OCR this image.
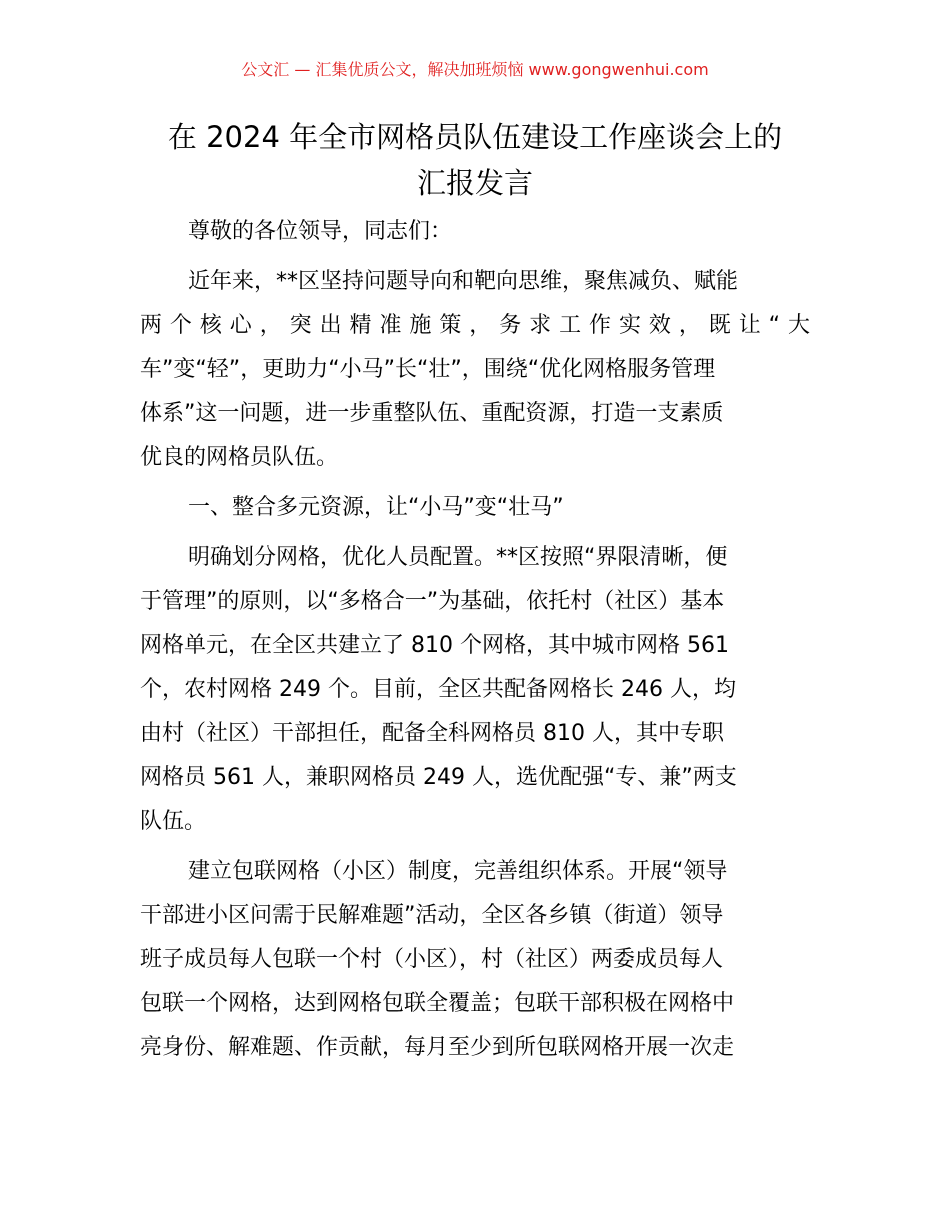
公文汇 — 汇集优质公文，解决加班烦恼 www.gongwenhui.com
在 2024 年全市网格员队伍建设工作座谈会上的
汇报发言

尊敬的各位领导，同志们：

近年来，**区坚持问题导向和靶向思维，聚焦减负、赋能
两个核心，突出精准施策，务求工作实效，既让“大
车”变“轻”，更助力“小马”长“壮”，围绕“优化网格服务管理
体系”这一问题，进一步重整队伍、重配资源，打造一支素质
优良的网格员队伍。

一、整合多元资源，让“小马”变“壮马”

明确划分网格，优化人员配置。**区按照“界限清晰，便
于管理”的原则，以“多格合一”为基础，依托村（社区）基本
网格单元，在全区共建立了 810 个网格，其中城市网格 561
个，农村网格 249 个。目前，全区共配备网格长 246 人，均
由村（社区）干部担任，配备全科网格员 810 人，其中专职
网格员 561 人，兼职网格员 249 人，选优配强“专、兼”两支
队伍。

建立包联网格（小区）制度，完善组织体系。开展“领导
干部进小区问需于民解难题”活动，全区各乡镇（街道）领导
班子成员每人包联一个村（小区），村（社区）两委成员每人
包联一个网格，达到网格包联全覆盖；包联干部积极在网格中
亮身份、解难题、作贡献，每月至少到所包联网格开展一次走
